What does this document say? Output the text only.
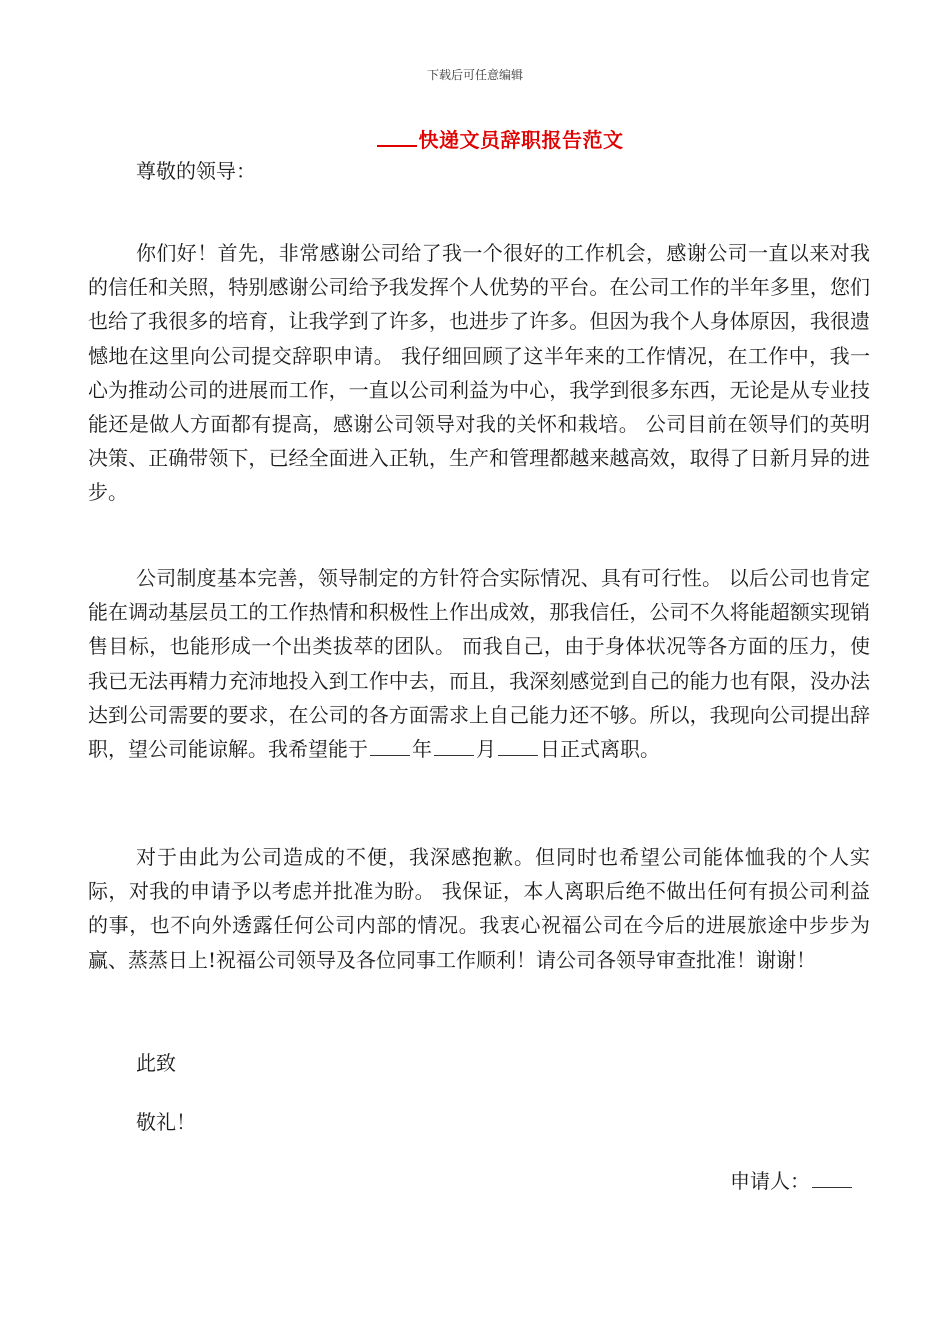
下载后可任意编辑
快递文员辞职报告范文

尊敬的领导：

你们好！首先，非常感谢公司给了我一个很好的工作机会，感谢公司一直以来对我的信任和关照，特别感谢公司给予我发挥个人优势的平台。在公司工作的半年多里，您们也给了我很多的培育，让我学到了许多，也进步了许多。但因为我个人身体原因，我很遗憾地在这里向公司提交辞职申请。 我仔细回顾了这半年来的工作情况，在工作中，我一心为推动公司的进展而工作，一直以公司利益为中心，我学到很多东西，无论是从专业技能还是做人方面都有提高，感谢公司领导对我的关怀和栽培。 公司目前在领导们的英明决策、正确带领下，已经全面进入正轨，生产和管理都越来越高效，取得了日新月异的进步。

公司制度基本完善，领导制定的方针符合实际情况、具有可行性。 以后公司也肯定能在调动基层员工的工作热情和积极性上作出成效，那我信任，公司不久将能超额实现销售目标，也能形成一个出类拔萃的团队。 而我自己，由于身体状况等各方面的压力，使我已无法再精力充沛地投入到工作中去，而且，我深刻感觉到自己的能力也有限，没办法达到公司需要的要求，在公司的各方面需求上自己能力还不够。所以，我现向公司提出辞职，望公司能谅解。我希望能于 年 月 日正式离职。

对于由此为公司造成的不便，我深感抱歉。但同时也希望公司能体恤我的个人实际，对我的申请予以考虑并批准为盼。 我保证，本人离职后绝不做出任何有损公司利益的事，也不向外透露任何公司内部的情况。我衷心祝福公司在今后的进展旅途中步步为赢、蒸蒸日上!祝福公司领导及各位同事工作顺利！请公司各领导审查批准！谢谢！

此致

敬礼！

申请人：
